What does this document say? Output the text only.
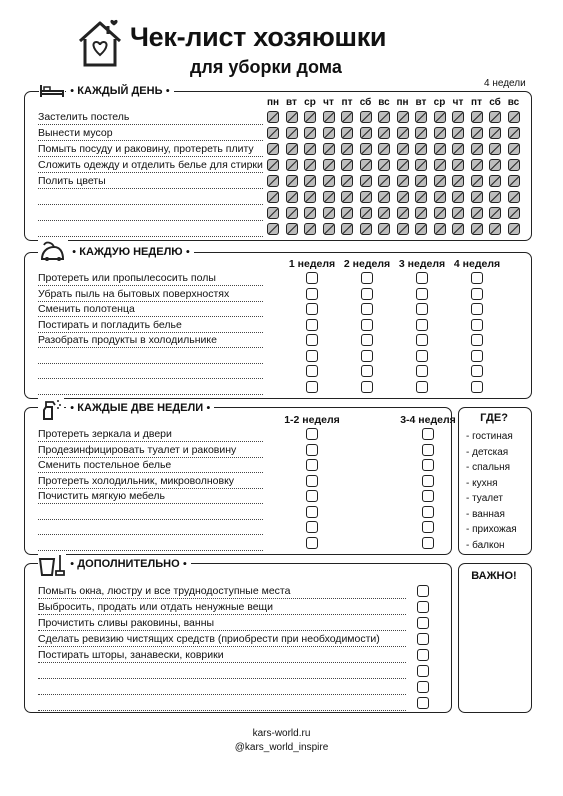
Чек-лист хозяюшки
для уборки дома
● КАЖДЫЙ ДЕНЬ ●
4 недели
пн вт ср чт пт сб вс пн вт ср чт пт сб вс
Застелить постель
Вынести мусор
Помыть посуду и раковину, протереть плиту
Сложить одежду и отделить белье для стирки
Полить цветы
● КАЖДУЮ НЕДЕЛЮ ●
1 неделя 2 неделя 3 неделя 4 неделя
Протереть или пропылесосить полы
Убрать пыль на бытовых поверхностях
Сменить полотенца
Постирать и погладить белье
Разобрать продукты в холодильнике
● КАЖДЫЕ ДВЕ НЕДЕЛИ ●
1-2 неделя	3-4 неделя
Протереть зеркала и двери
Продезинфицировать туалет и раковину
Сменить постельное белье
Протереть холодильник, микроволновку
Почистить мягкую мебель
ГДЕ?
- гостиная
- детская
- спальня
- кухня
- туалет
- ванная
- прихожая
- балкон
● ДОПОЛНИТЕЛЬНО ●
Помыть окна, люстру и все труднодоступные места
Выбросить, продать или отдать ненужные вещи
Прочистить сливы раковины, ванны
Сделать ревизию чистящих средств (приобрести при необходимости)
Постирать шторы, занавески, коврики
ВАЖНО!
kars-world.ru
@kars_world_inspire
